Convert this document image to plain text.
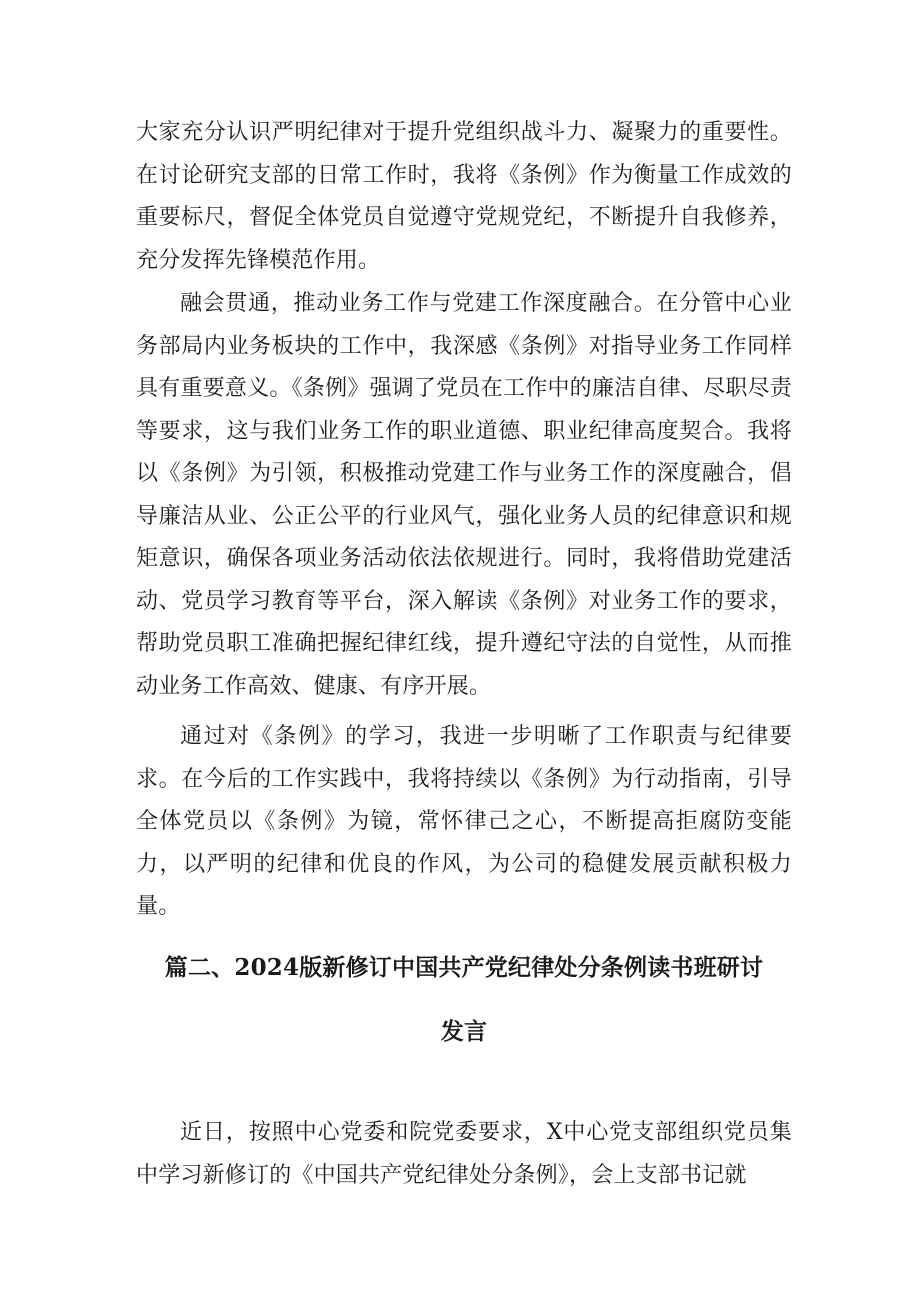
大家充分认识严明纪律对于提升党组织战斗力、凝聚力的重要性。在讨论研究支部的日常工作时，我将《条例》作为衡量工作成效的重要标尺，督促全体党员自觉遵守党规党纪，不断提升自我修养，充分发挥先锋模范作用。

融会贯通，推动业务工作与党建工作深度融合。在分管中心业务部局内业务板块的工作中，我深感《条例》对指导业务工作同样具有重要意义。《条例》强调了党员在工作中的廉洁自律、尽职尽责等要求，这与我们业务工作的职业道德、职业纪律高度契合。我将以《条例》为引领，积极推动党建工作与业务工作的深度融合，倡导廉洁从业、公正公平的行业风气，强化业务人员的纪律意识和规矩意识，确保各项业务活动依法依规进行。同时，我将借助党建活动、党员学习教育等平台，深入解读《条例》对业务工作的要求，帮助党员职工准确把握纪律红线，提升遵纪守法的自觉性，从而推动业务工作高效、健康、有序开展。

通过对《条例》的学习，我进一步明晰了工作职责与纪律要求。在今后的工作实践中，我将持续以《条例》为行动指南，引导全体党员以《条例》为镜，常怀律己之心，不断提高拒腐防变能力，以严明的纪律和优良的作风，为公司的稳健发展贡献积极力量。

篇二、2024版新修订中国共产党纪律处分条例读书班研讨
发言

近日，按照中心党委和院党委要求，X中心党支部组织党员集中学习新修订的《中国共产党纪律处分条例》，会上支部书记就
